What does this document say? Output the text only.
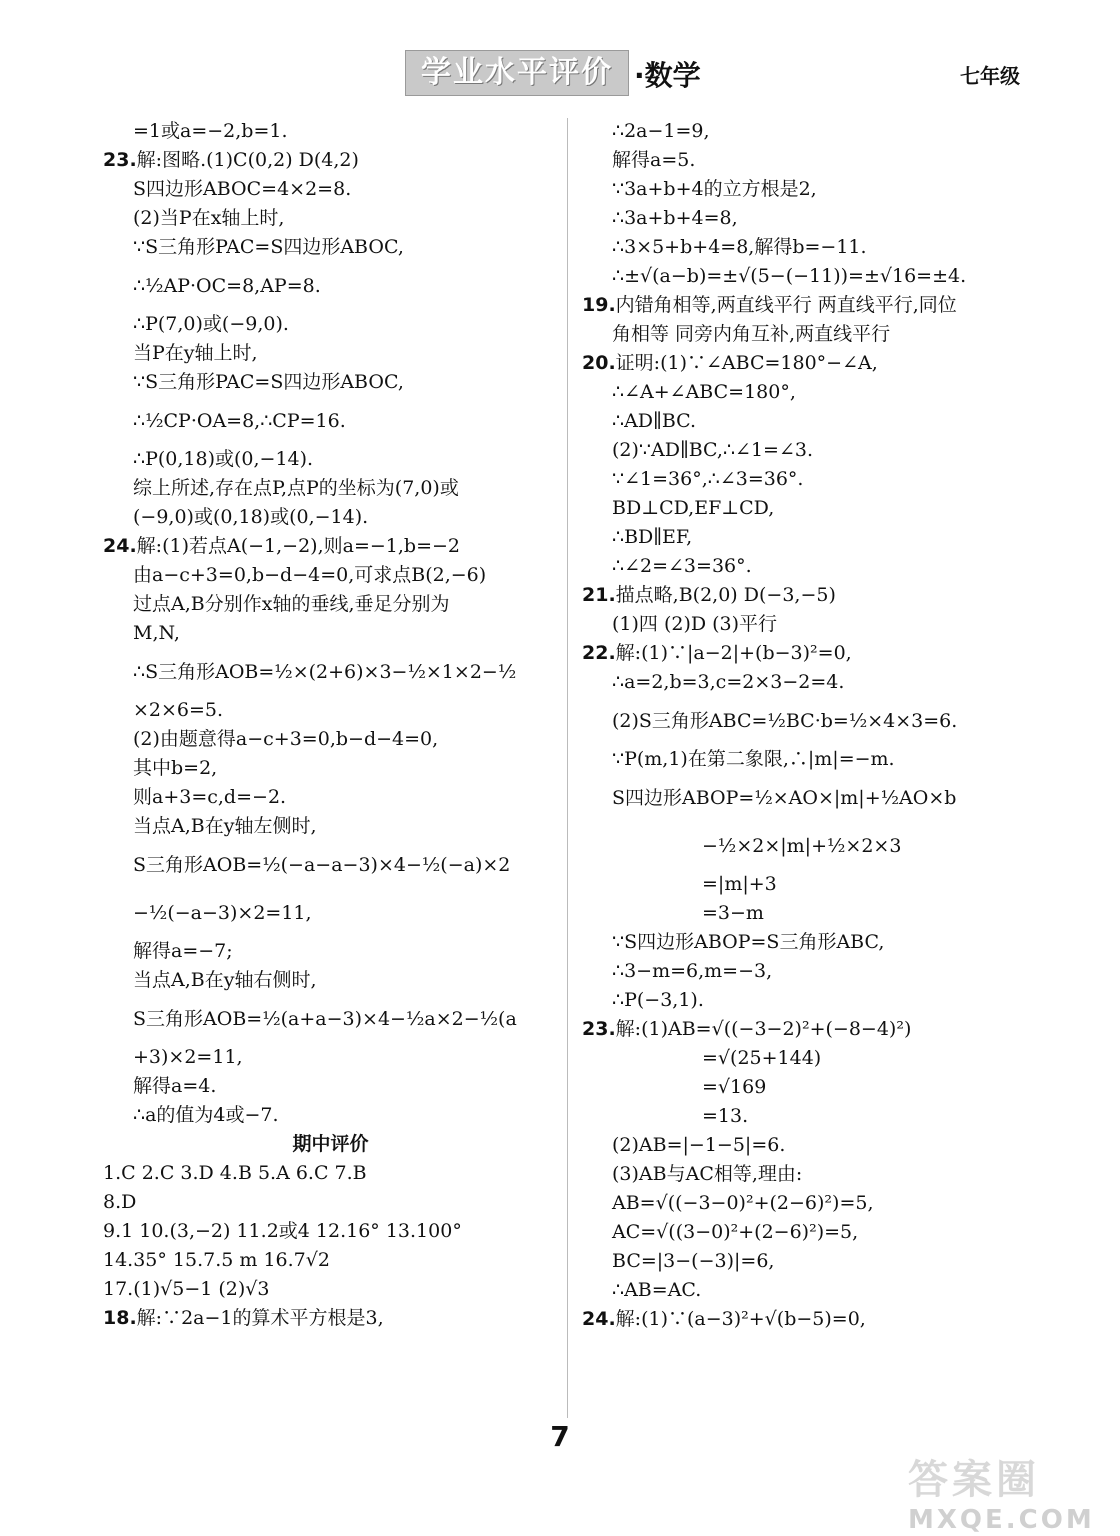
学业水平评价 ·数学	七年级
=1或a=−2,b=1.
23.解:图略.(1)C(0,2) D(4,2)
S四边形ABOC=4×2=8.
(2)当P在x轴上时,
∵S三角形PAC=S四边形ABOC,
∴½AP·OC=8,AP=8.
∴P(7,0)或(−9,0).
当P在y轴上时,
∵S三角形PAC=S四边形ABOC,
∴½CP·OA=8,∴CP=16.
∴P(0,18)或(0,−14).
综上所述,存在点P,点P的坐标为(7,0)或
(−9,0)或(0,18)或(0,−14).
24.解:(1)若点A(−1,−2),则a=−1,b=−2
由a−c+3=0,b−d−4=0,可求点B(2,−6)
过点A,B分别作x轴的垂线,垂足分别为
M,N,
∴S三角形AOB=½×(2+6)×3−½×1×2−½
×2×6=5.
(2)由题意得a−c+3=0,b−d−4=0,
其中b=2,
则a+3=c,d=−2.
当点A,B在y轴左侧时,
S三角形AOB=½(−a−a−3)×4−½(−a)×2
−½(−a−3)×2=11,
解得a=−7;
当点A,B在y轴右侧时,
S三角形AOB=½(a+a−3)×4−½a×2−½(a
+3)×2=11,
解得a=4.
∴a的值为4或−7.
期中评价
1.C 2.C 3.D 4.B 5.A 6.C 7.B
8.D
9.1 10.(3,−2) 11.2或4 12.16° 13.100°
14.35° 15.7.5 m 16.7√2
17.(1)√5−1 (2)√3
18.解:∵2a−1的算术平方根是3,
∴2a−1=9,
解得a=5.
∵3a+b+4的立方根是2,
∴3a+b+4=8,
∴3×5+b+4=8,解得b=−11.
∴±√(a−b)=±√(5−(−11))=±√16=±4.
19.内错角相等,两直线平行 两直线平行,同位
角相等 同旁内角互补,两直线平行
20.证明:(1)∵∠ABC=180°−∠A,
∴∠A+∠ABC=180°,
∴AD∥BC.
(2)∵AD∥BC,∴∠1=∠3.
∵∠1=36°,∴∠3=36°.
BD⊥CD,EF⊥CD,
∴BD∥EF,
∴∠2=∠3=36°.
21.描点略,B(2,0) D(−3,−5)
(1)四 (2)D (3)平行
22.解:(1)∵|a−2|+(b−3)²=0,
∴a=2,b=3,c=2×3−2=4.
(2)S三角形ABC=½BC·b=½×4×3=6.
∵P(m,1)在第二象限,∴|m|=−m.
S四边形ABOP=½×AO×|m|+½AO×b
−½×2×|m|+½×2×3
=|m|+3
=3−m
∵S四边形ABOP=S三角形ABC,
∴3−m=6,m=−3,
∴P(−3,1).
23.解:(1)AB=√((−3−2)²+(−8−4)²)
=√(25+144)
=√169
=13.
(2)AB=|−1−5|=6.
(3)AB与AC相等,理由:
AB=√((−3−0)²+(2−6)²)=5,
AC=√((3−0)²+(2−6)²)=5,
BC=|3−(−3)|=6,
∴AB=AC.
24.解:(1)∵(a−3)²+√(b−5)=0,
7
答案圈
MXQE.COM
